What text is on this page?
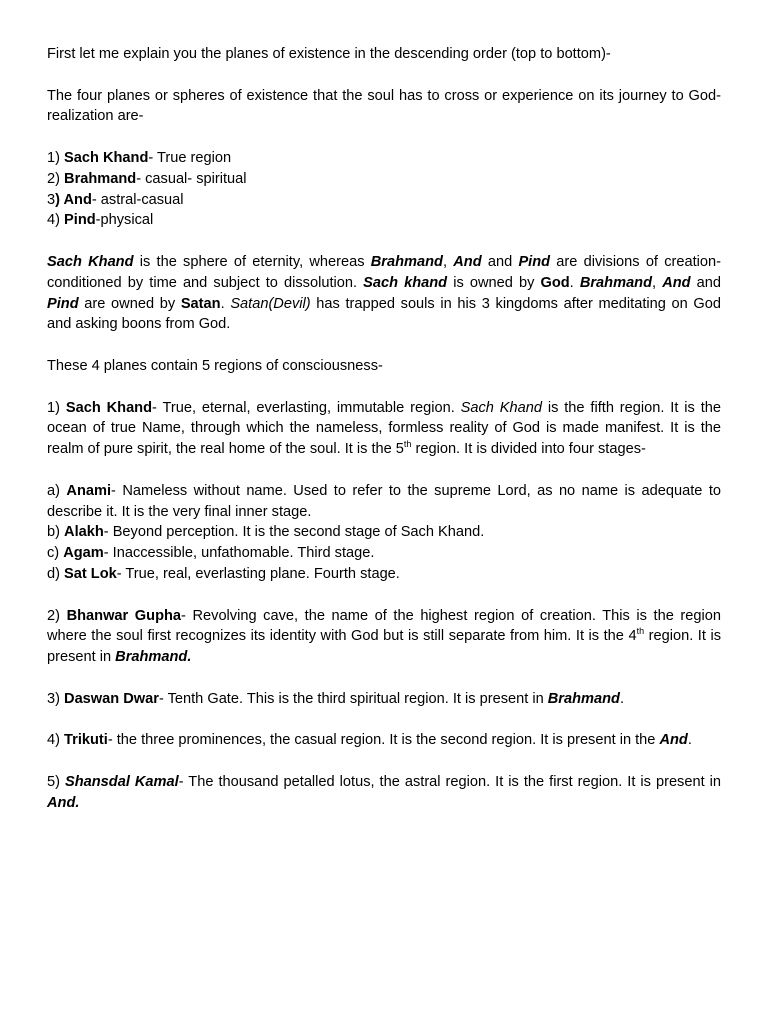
First let me explain you the planes of existence in the descending order (top to bottom)-

The four planes or spheres of existence that the soul has to cross or experience on its journey to God-realization are-

1) Sach Khand- True region

2) Brahmand- casual- spiritual

3) And- astral-casual

4) Pind-physical

Sach Khand is the sphere of eternity, whereas Brahmand, And and Pind are divisions of creation- conditioned by time and subject to dissolution. Sach khand is owned by God. Brahmand, And and Pind are owned by Satan. Satan(Devil) has trapped souls in his 3 kingdoms after meditating on God and asking boons from God.

These 4 planes contain 5 regions of consciousness-

1) Sach Khand- True, eternal, everlasting, immutable region. Sach Khand is the fifth region. It is the ocean of true Name, through which the nameless, formless reality of God is made manifest. It is the realm of pure spirit, the real home of the soul. It is the 5th region. It is divided into four stages-

a) Anami- Nameless without name. Used to refer to the supreme Lord, as no name is adequate to describe it. It is the very final inner stage.

b) Alakh- Beyond perception. It is the second stage of Sach Khand.

c) Agam- Inaccessible, unfathomable. Third stage.

d) Sat Lok- True, real, everlasting plane. Fourth stage.

2) Bhanwar Gupha- Revolving cave, the name of the highest region of creation. This is the region where the soul first recognizes its identity with God but is still separate from him. It is the 4th region. It is present in Brahmand.

3) Daswan Dwar- Tenth Gate. This is the third spiritual region. It is present in Brahmand.

4) Trikuti- the three prominences, the casual region. It is the second region. It is present in the And.

5) Shansdal Kamal- The thousand petalled lotus, the astral region. It is the first region. It is present in And.
